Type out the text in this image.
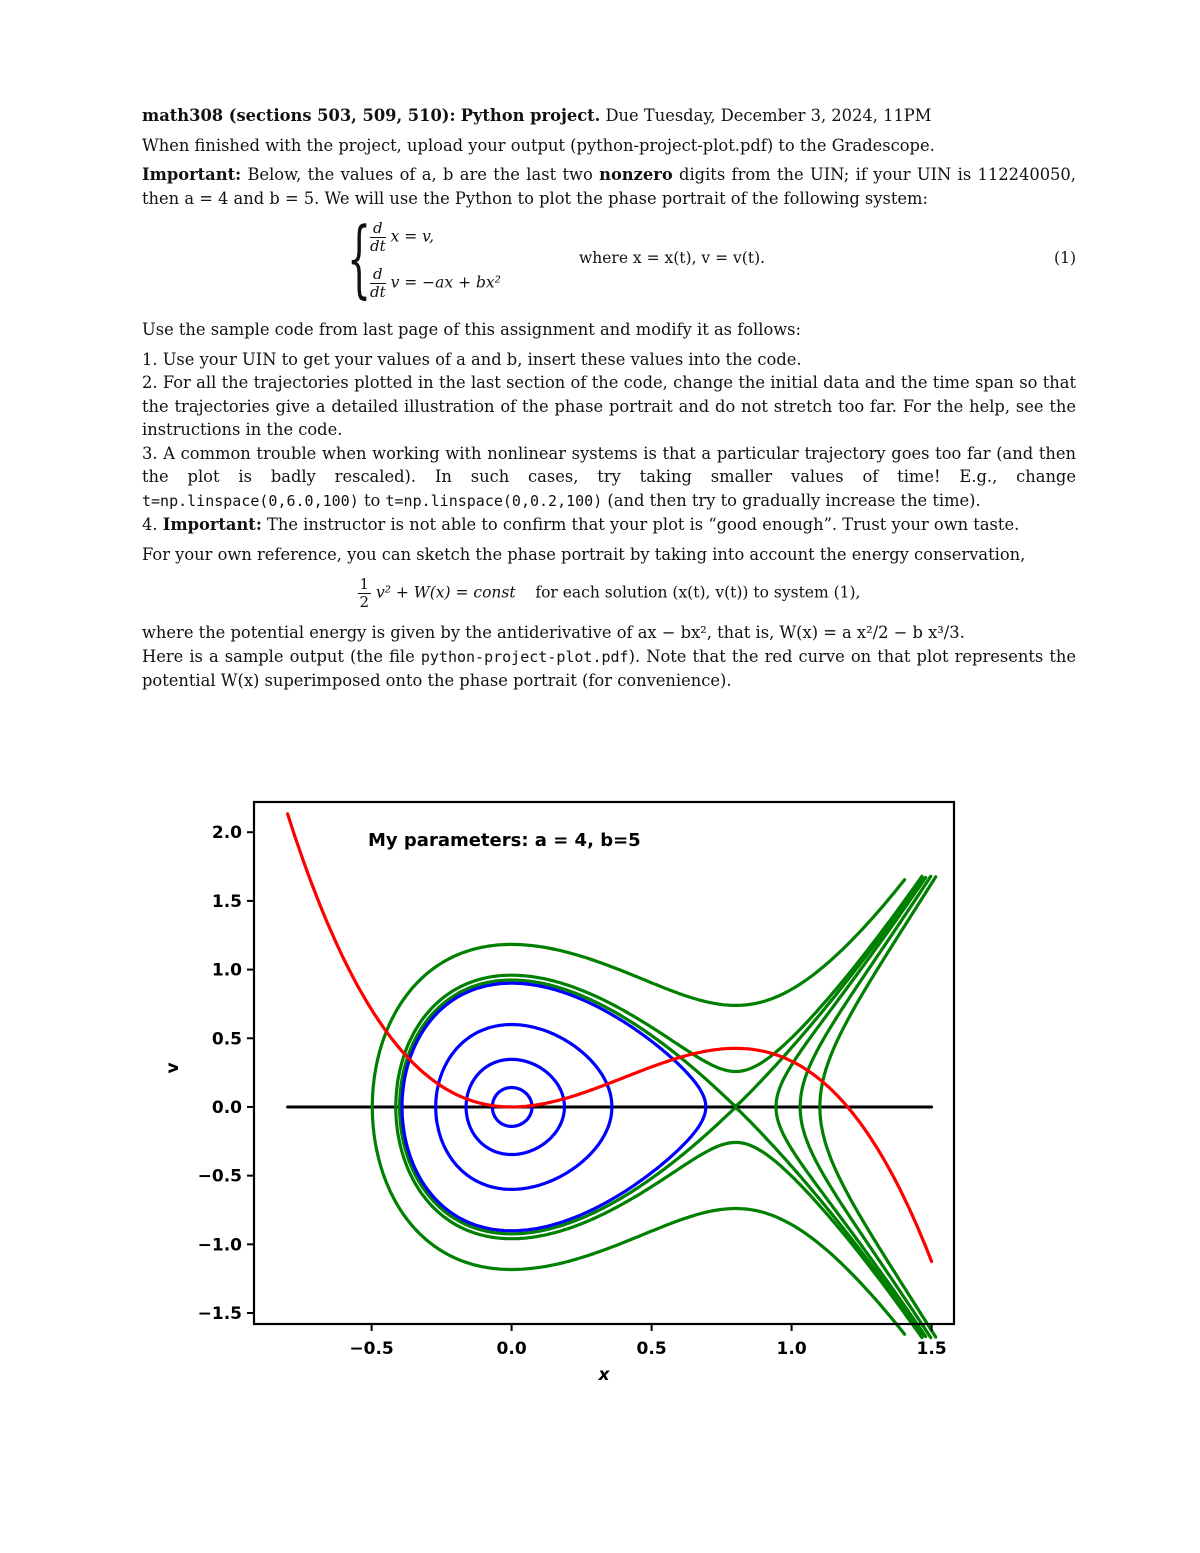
math308 (sections 503, 509, 510): Python project. Due Tuesday, December 3, 2024, 11PM

When finished with the project, upload your output (python-project-plot.pdf) to the Gradescope.

Important: Below, the values of a, b are the last two nonzero digits from the UIN; if your UIN is 112240050, then a = 4 and b = 5. We will use the Python to plot the phase portrait of the following system:

{
$\frac{d}{dt}$ x = v,
$\frac{d}{dt}$ v = −ax + bx²
where x = x(t), v = v(t).	(1)

Use the sample code from last page of this assignment and modify it as follows:

1. Use your UIN to get your values of a and b, insert these values into the code.

2. For all the trajectories plotted in the last section of the code, change the initial data and the time span so that the trajectories give a detailed illustration of the phase portrait and do not stretch too far. For the help, see the instructions in the code.

3. A common trouble when working with nonlinear systems is that a particular trajectory goes too far (and then the plot is badly rescaled). In such cases, try taking smaller values of time! E.g., change t=np.linspace(0,6.0,100) to t=np.linspace(0,0.2,100) (and then try to gradually increase the time).

4. Important: The instructor is not able to confirm that your plot is “good enough”. Trust your own taste.

For your own reference, you can sketch the phase portrait by taking into account the energy conservation,

$\frac{1}{2} v^2 + W(x)$ = const for each solution (x(t), v(t)) to system (1),

where the potential energy is given by the antiderivative of ax − bx², that is, W(x) = a x²/2 − b x³/3.

Here is a sample output (the file python-project-plot.pdf). Note that the red curve on that plot represents the potential W(x) superimposed onto the phase portrait (for convenience).

−0.5	0.0	0.5	1.0	1.5
−1.5
−1.0
−0.5
0.0
0.5
1.0
1.5
2.0	My parameters: a = 4, b=5
x
v
